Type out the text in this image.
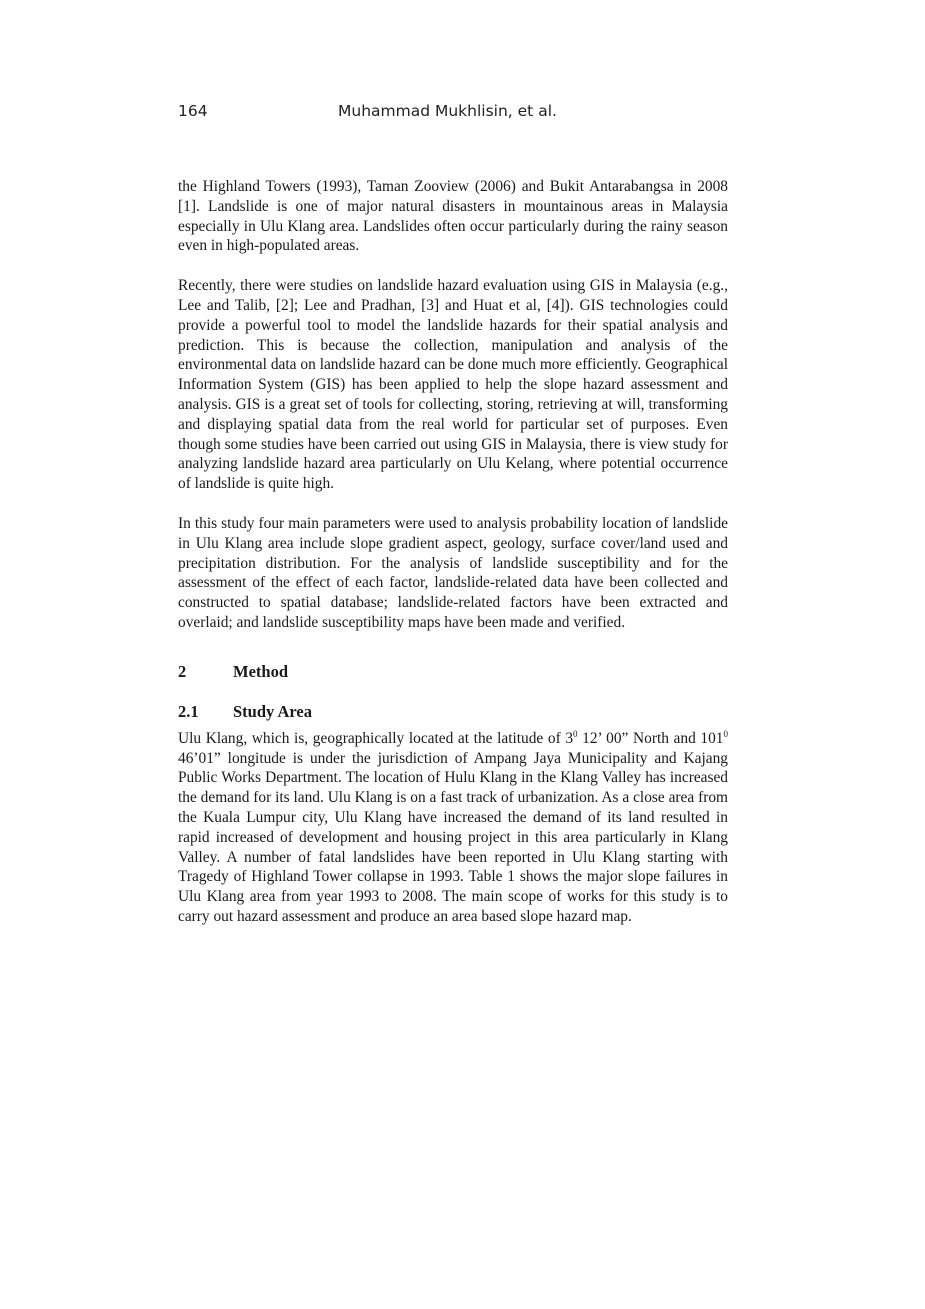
164	Muhammad Mukhlisin, et al.

the Highland Towers (1993), Taman Zooview (2006) and Bukit Antarabangsa in 2008 [1]. Landslide is one of major natural disasters in mountainous areas in Malaysia especially in Ulu Klang area. Landslides often occur particularly during the rainy season even in high-populated areas.

Recently, there were studies on landslide hazard evaluation using GIS in Malaysia (e.g., Lee and Talib, [2]; Lee and Pradhan, [3] and Huat et al, [4]). GIS technologies could provide a powerful tool to model the landslide hazards for their spatial analysis and prediction. This is because the collection, manipulation and analysis of the environmental data on landslide hazard can be done much more efficiently. Geographical Information System (GIS) has been applied to help the slope hazard assessment and analysis. GIS is a great set of tools for collecting, storing, retrieving at will, transforming and displaying spatial data from the real world for particular set of purposes. Even though some studies have been carried out using GIS in Malaysia, there is view study for analyzing landslide hazard area particularly on Ulu Kelang, where potential occurrence of landslide is quite high.

In this study four main parameters were used to analysis probability location of landslide in Ulu Klang area include slope gradient aspect, geology, surface cover/land used and precipitation distribution. For the analysis of landslide susceptibility and for the assessment of the effect of each factor, landslide-related data have been collected and constructed to spatial database; landslide-related factors have been extracted and overlaid; and landslide susceptibility maps have been made and verified.

2	Method
2.1	Study Area

Ulu Klang, which is, geographically located at the latitude of $3^0$ 12’ 00” North and $101^0$ 46’01” longitude is under the jurisdiction of Ampang Jaya Municipality and Kajang Public Works Department. The location of Hulu Klang in the Klang Valley has increased the demand for its land. Ulu Klang is on a fast track of urbanization. As a close area from the Kuala Lumpur city, Ulu Klang have increased the demand of its land resulted in rapid increased of development and housing project in this area particularly in Klang Valley. A number of fatal landslides have been reported in Ulu Klang starting with Tragedy of Highland Tower collapse in 1993. Table 1 shows the major slope failures in Ulu Klang area from year 1993 to 2008. The main scope of works for this study is to carry out hazard assessment and produce an area based slope hazard map.
